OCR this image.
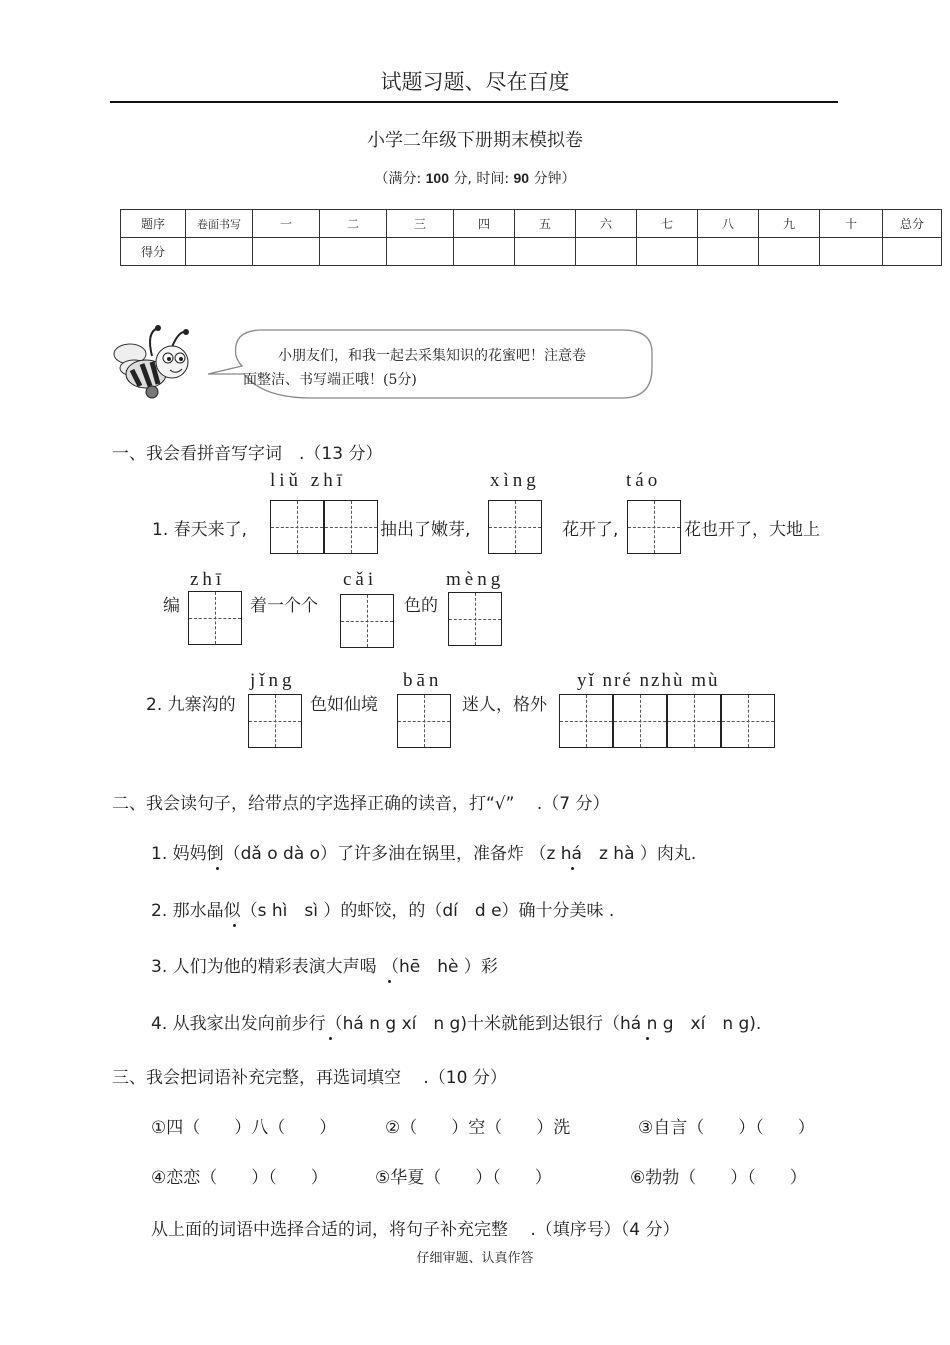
试题习题、尽在百度
小学二年级下册期末模拟卷
（满分: 100 分, 时间: 90 分钟）
题序	卷面书写	一	二	三	四	五	六	七	八	九	十	总分
得分												
小朋友们，和我一起去采集知识的花蜜吧！注意卷
面整洁、书写端正哦！(5分)
一、我会看拼音写字词　.（13 分）
liǔ zhī	xìng	táo
1. 春天来了,	抽出了嫩芽,	花开了,	花也开了，大地上
zhī	cǎi	mèng
编	着一个个	色的
jǐng	bān	yǐ nré nzhù mù
2. 九寨沟的	色如仙境	迷人，格外
二、我会读句子，给带点的字选择正确的读音，打“√”　 .（7 分）
1. 妈妈倒（dǎ o dà o）了许多油在锅里，准备炸 （z há　z hà ）肉丸.
2. 那水晶似（s hì　sì ）的虾饺，的（dí　d e）确十分美味 .
3. 人们为他的精彩表演大声喝 （hē　hè ）彩
4. 从我家出发向前步行（há n g xí　n g)十米就能到达银行（há n g　xí　n g).
三、我会把词语补充完整，再选词填空　 .（10 分）
①四（　　）八（　　）	②（　　）空（　　）洗	③自言（　　）（　　）
④恋恋（　　）（　　）	⑤华夏（　　）（　　）	⑥勃勃（　　）（　　）
从上面的词语中选择合适的词，将句子补充完整　 .（填序号）（4 分）
仔细审题、认真作答
